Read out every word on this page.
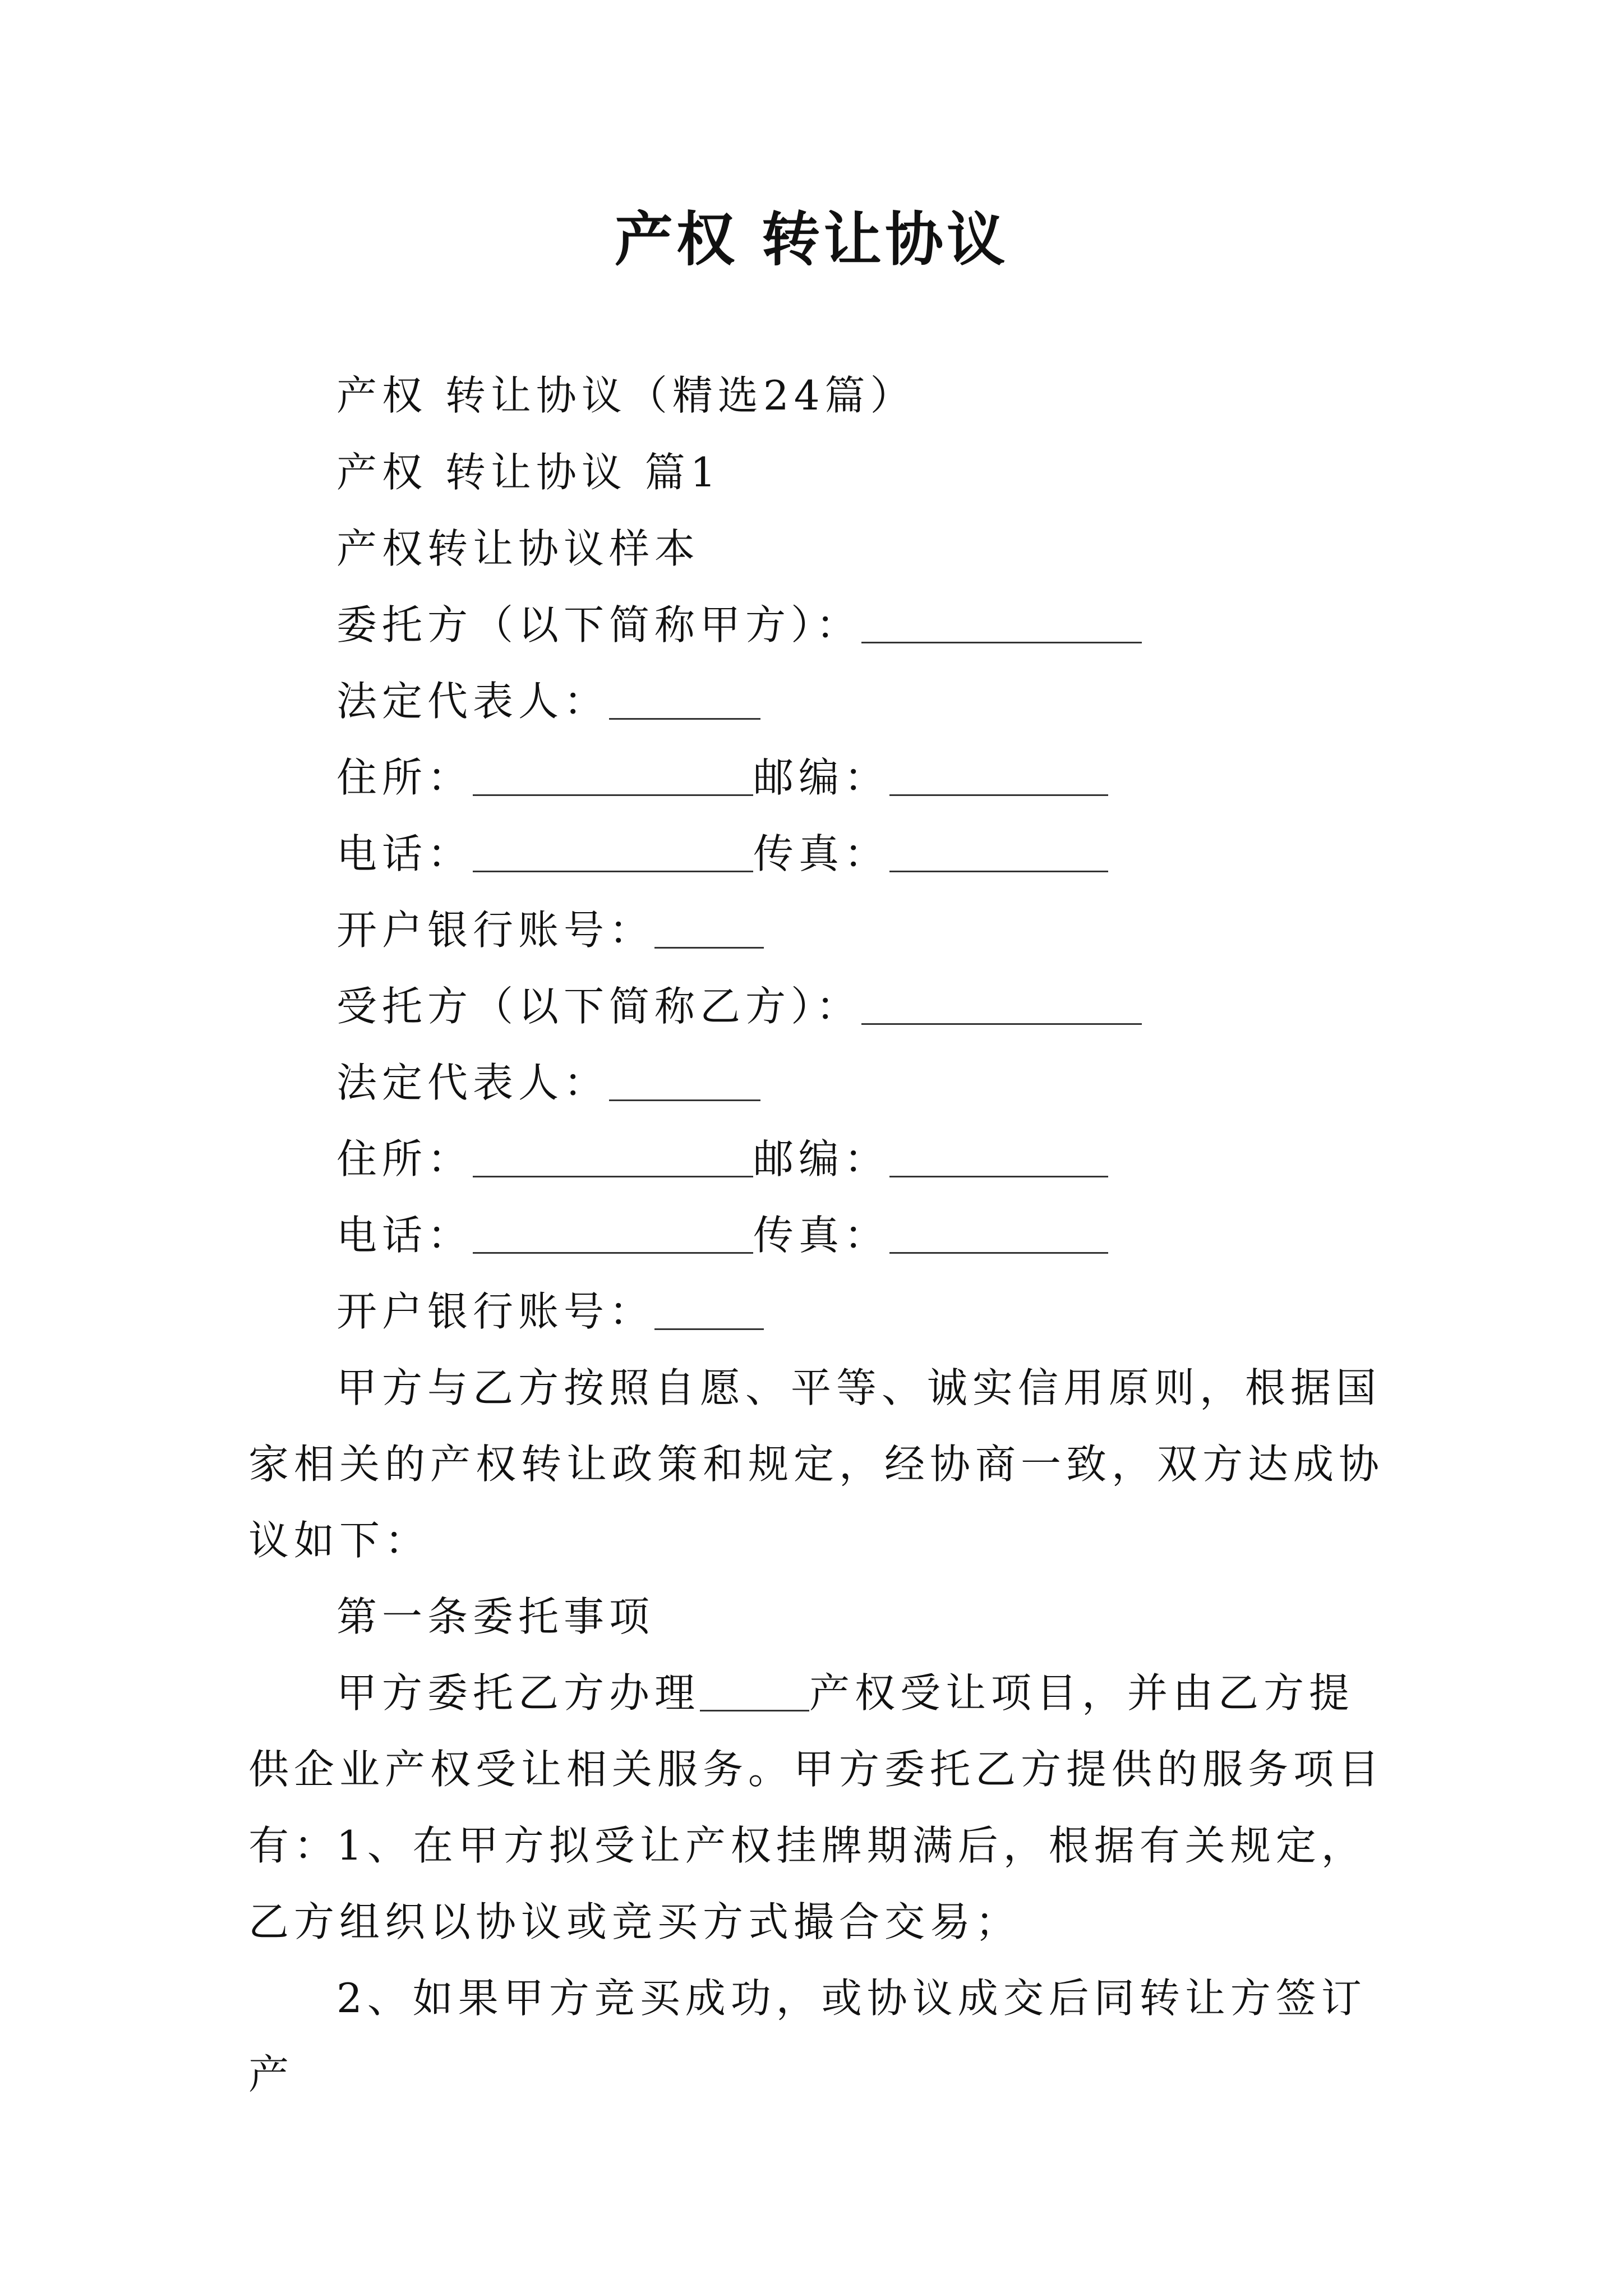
产权 转让协议
产权 转让协议（精选24篇）
产权 转让协议 篇1
产权转让协议样本
委托方（以下简称甲方）：
法定代表人：
住所：	邮编：
电话：	传真：
开户银行账号：
受托方（以下简称乙方）：
法定代表人：
住所：	邮编：
电话：	传真：
开户银行账号：

甲方与乙方按照自愿、平等、诚实信用原则，根据国家相关的产权转让政策和规定，经协商一致，双方达成协议如下：

第一条委托事项

甲方委托乙方办理	产权受让项目，并由乙方提供企业产权受让相关服务。甲方委托乙方提供的服务项目有：

1、在甲方拟受让产权挂牌期满后，根据有关规定，乙方组织以协议或竞买方式撮合交易；

2、如果甲方竞买成功，或协议成交后同转让方签订产
